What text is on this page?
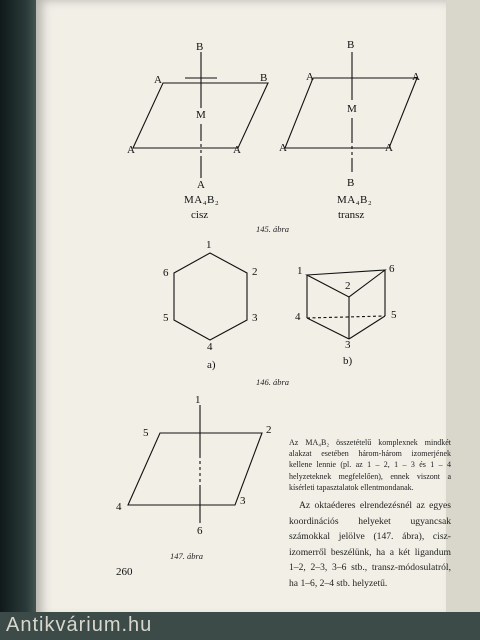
B
A	B
M
A	A
A
MA₄B₂
cisz
B
A	A
M
A	A
B
MA₄B₂
transz
145. ábra
1
2
3
4
5
6
a)
1
2
3
4	5
6
b)
146. ábra
1
2
3
4
5
6
147. ábra
Az MA₄B₂ összetételű komplexnek mindkét alakzat esetében három-három izomerjének kellene lennie (pl. az 1 – 2, 1 – 3 és 1 – 4 helyzeteknek megfelelően), ennek viszont a kísérleti tapasztalatok ellentmondanak.
Az oktaéderes elrendezésnél az egyes koordinációs helyeket ugyancsak számokkal jelölve (147. ábra), cisz-izomerről beszélünk, ha a két ligandum 1–2, 2–3, 3–6 stb., transz-módosulatról, ha 1–6, 2–4 stb. helyzetű.
260
Antikvárium.hu
